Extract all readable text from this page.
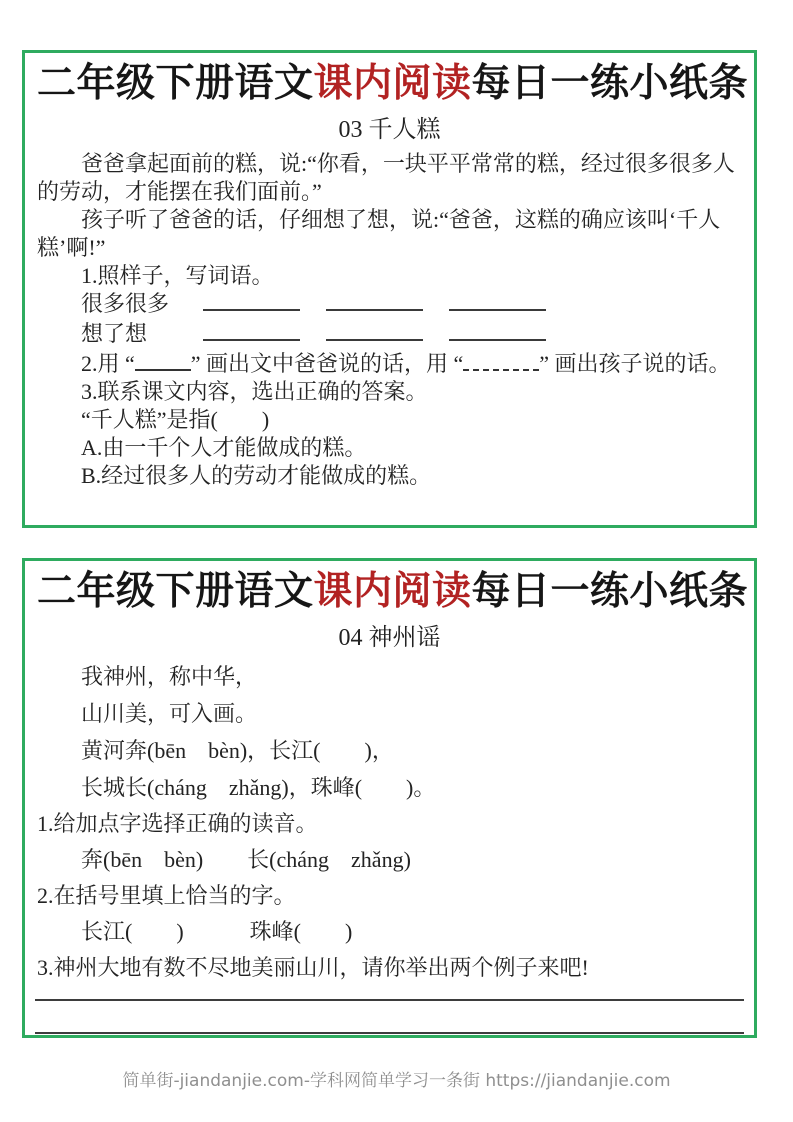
二年级下册语文课内阅读每日一练小纸条
03 千人糕

爸爸拿起面前的糕，说:“你看，一块平平常常的糕，经过很多很多人的劳动，才能摆在我们面前。”

孩子听了爸爸的话，仔细想了想，说:“爸爸，这糕的确应该叫‘千人糕’啊!”

1.照样子，写词语。

很多很多
想了想

2.用 “	” 画出文中爸爸说的话，用 “	” 画出孩子说的话。

3.联系课文内容，选出正确的答案。

“千人糕”是指(　　)

A.由一千个人才能做成的糕。

B.经过很多人的劳动才能做成的糕。

二年级下册语文课内阅读每日一练小纸条
04 神州谣

我神州，称中华，

山川美，可入画。

黄河奔(bēn　bèn)，长江(　　)，

长城长(cháng　zhǎng)，珠峰(　　)。

1.给加点字选择正确的读音。

奔(bēn　bèn)　　长(cháng　zhǎng)

2.在括号里填上恰当的字。

长江(　　)　　　珠峰(　　)

3.神州大地有数不尽地美丽山川，请你举出两个例子来吧!

简单街-jiandanjie.com-学科网简单学习一条街 https://jiandanjie.com
